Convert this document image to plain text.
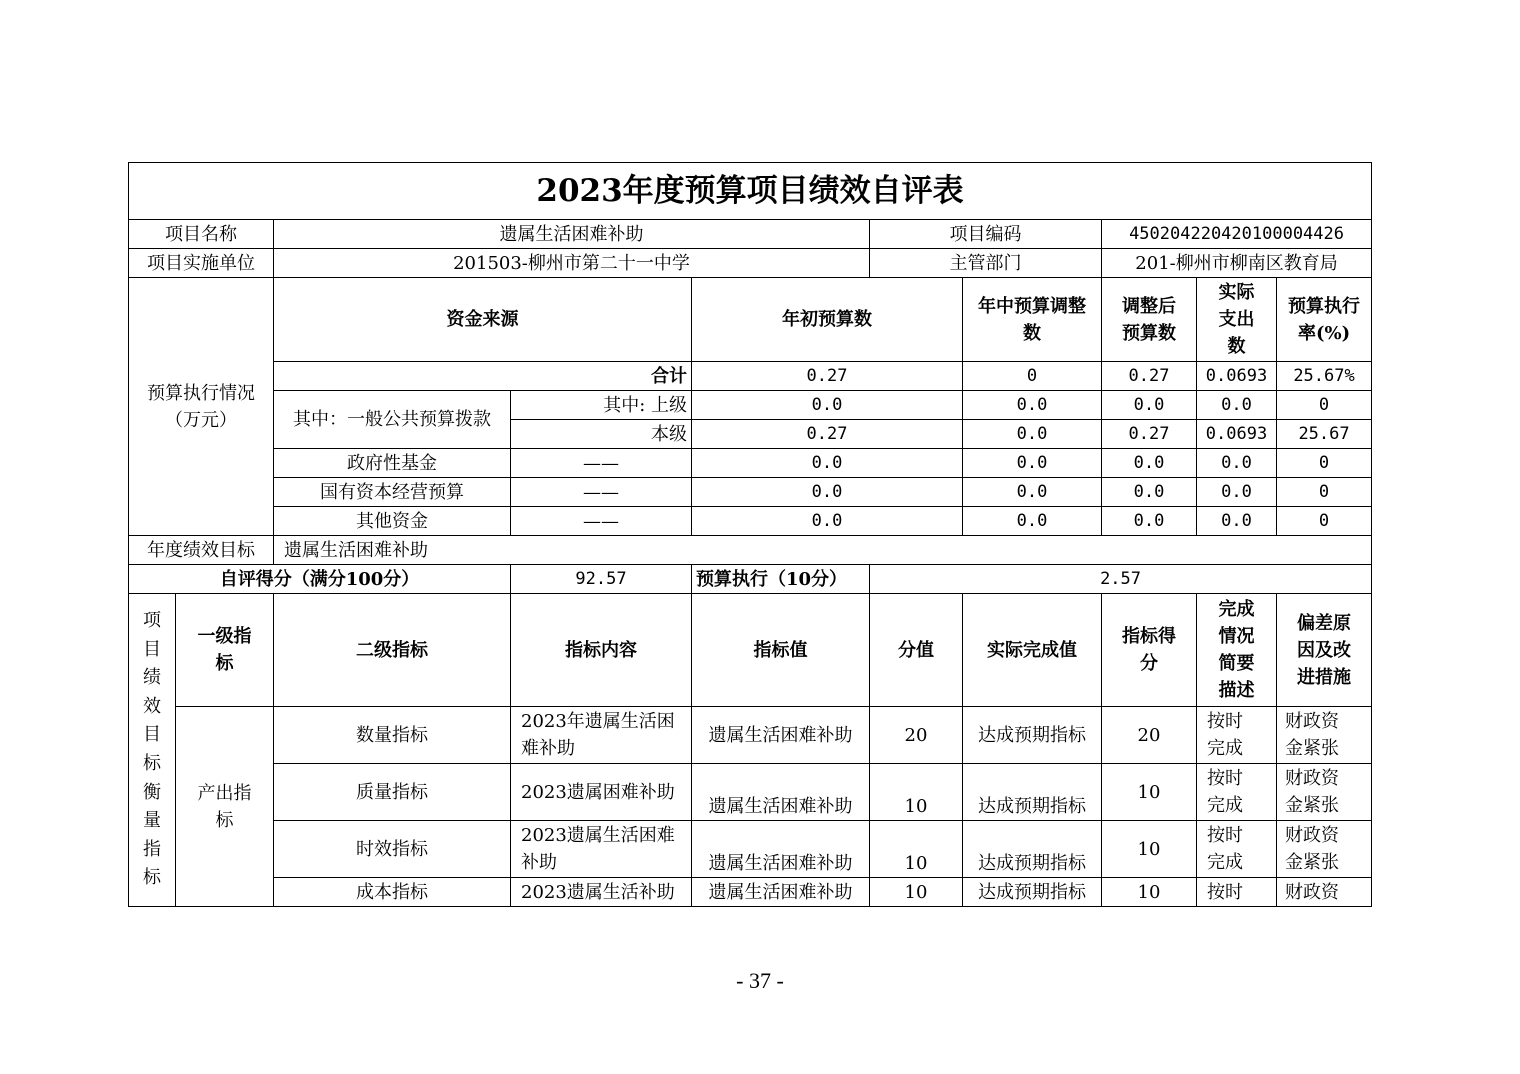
2023年度预算项目绩效自评表								
项目名称	遗属生活困难补助			项目编码		450204220420100004426		
项目实施单位	201503-柳州市第二十一中学			主管部门		201-柳州市柳南区教育局		
预算执行情况（万元）	资金来源		年初预算数		年中预算调整数	调整后预算数	实际支出数	预算执行率(%)
	合计		0.27		0	0.27	0.0693	25.67%
	其中：一般公共预算拨款	其中: 上级	0.0		0.0	0.0	0.0	0
		本级	0.27		0.0	0.27	0.0693	25.67
	政府性基金	——	0.0		0.0	0.0	0.0	0
	国有资本经营预算	——	0.0		0.0	0.0	0.0	0
	其他资金	——	0.0		0.0	0.0	0.0	0
年度绩效目标		遗属生活困难补助							
自评得分（满分100分）			92.57	预算执行（10分）	2.57				
项目绩效目标衡量指标	一级指标	二级指标	指标内容	指标值	分值	实际完成值	指标得分	完成情况简要描述	偏差原因及改进措施
	产出指标	数量指标	2023年遗属生活困难补助	遗属生活困难补助	20	达成预期指标	20	按时完成	财政资金紧张
		质量指标	2023遗属困难补助	遗属生活困难补助	10	达成预期指标	10	按时完成	财政资金紧张
		时效指标	2023遗属生活困难补助	遗属生活困难补助	10	达成预期指标	10	按时完成	财政资金紧张
		成本指标	2023遗属生活补助	遗属生活困难补助	10	达成预期指标	10	按时	财政资
- 37 -
